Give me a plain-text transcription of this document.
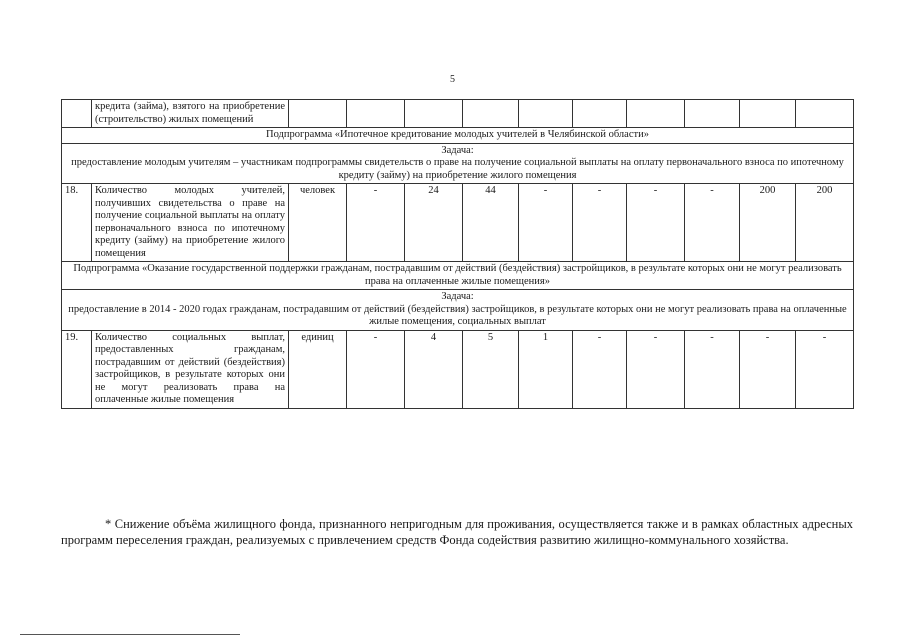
5
	кредита (займа), взятого на приобретение (строительство) жилых помещений										
Подпрограмма «Ипотечное кредитование молодых учителей в Челябинской области»											

Задача:
предоставление молодым учителям – участникам подпрограммы свидетельств о праве на получение социальной выплаты на оплату первоначального взноса по ипотечному кредиту (займу) на приобретение жилого помещения											

18.	Количество молодых учителей, получивших свидетельства о праве на получение социальной выплаты на оплату первоначального взноса по ипотечному кредиту (займу) на приобретение жилого помещения	человек	-	24	44	-	-	-	-	200	200
Подпрограмма «Оказание государственной поддержки гражданам, пострадавшим от действий (бездействия) застройщиков, в результате которых они не могут реализовать права на оплаченные жилые помещения»											

Задача:
предоставление в 2014 - 2020 годах гражданам, пострадавшим от действий (бездействия) застройщиков, в результате которых они не могут реализовать права на оплаченные жилые помещения, социальных выплат											

19.	Количество социальных выплат, предоставленных гражданам, пострадавшим от действий (бездействия) застройщиков, в результате которых они не могут реализовать права на оплаченные жилые помещения	единиц	-	4	5	1	-	-	-	-	-
* Снижение объёма жилищного фонда, признанного непригодным для проживания, осуществляется также и в рамках областных адресных программ переселения граждан, реализуемых с привлечением средств Фонда содействия развитию жилищно-коммунального хозяйства.
